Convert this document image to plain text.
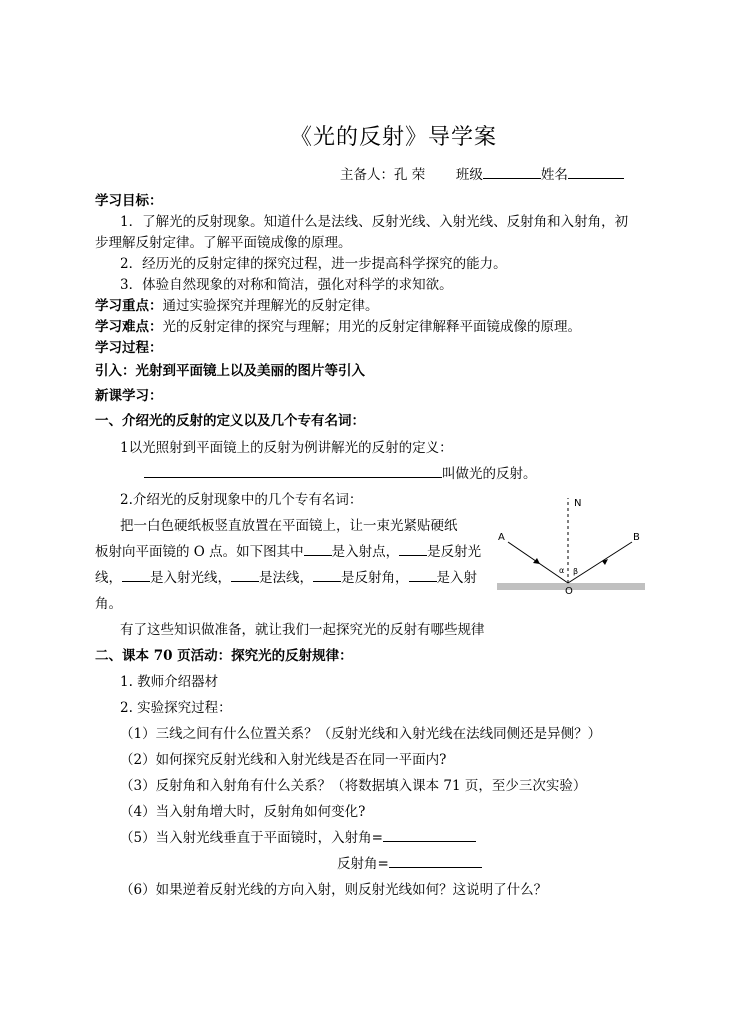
《光的反射》导学案
主备人：孔 荣 班级	姓名
学习目标：
1．了解光的反射现象。知道什么是法线、反射光线、入射光线、反射角和入射角，初
步理解反射定律。了解平面镜成像的原理。
2．经历光的反射定律的探究过程，进一步提高科学探究的能力。
3．体验自然现象的对称和简洁，强化对科学的求知欲。
学习重点：通过实验探究并理解光的反射定律。
学习难点：光的反射定律的探究与理解；用光的反射定律解释平面镜成像的原理。
学习过程：
引入：光射到平面镜上以及美丽的图片等引入
新课学习：
一、介绍光的反射的定义以及几个专有名词：
1以光照射到平面镜上的反射为例讲解光的反射的定义：
叫做光的反射。
2.介绍光的反射现象中的几个专有名词：
把一白色硬纸板竖直放置在平面镜上，让一束光紧贴硬纸
板射向平面镜的 O 点。如下图其中 是入射点， 是反射光
线， 是入射光线， 是法线， 是反射角， 是入射
角。
N
A	B
O
α β
有了这些知识做准备，就让我们一起探究光的反射有哪些规律
二、课本 70 页活动：探究光的反射规律：
1. 教师介绍器材
2. 实验探究过程：
（1）三线之间有什么位置关系？（反射光线和入射光线在法线同侧还是异侧？）
（2）如何探究反射光线和入射光线是否在同一平面内?
（3）反射角和入射角有什么关系？（将数据填入课本 71 页，至少三次实验）
（4）当入射角增大时，反射角如何变化?
（5）当入射光线垂直于平面镜时，入射角=
反射角=
（6）如果逆着反射光线的方向入射，则反射光线如何？这说明了什么？
